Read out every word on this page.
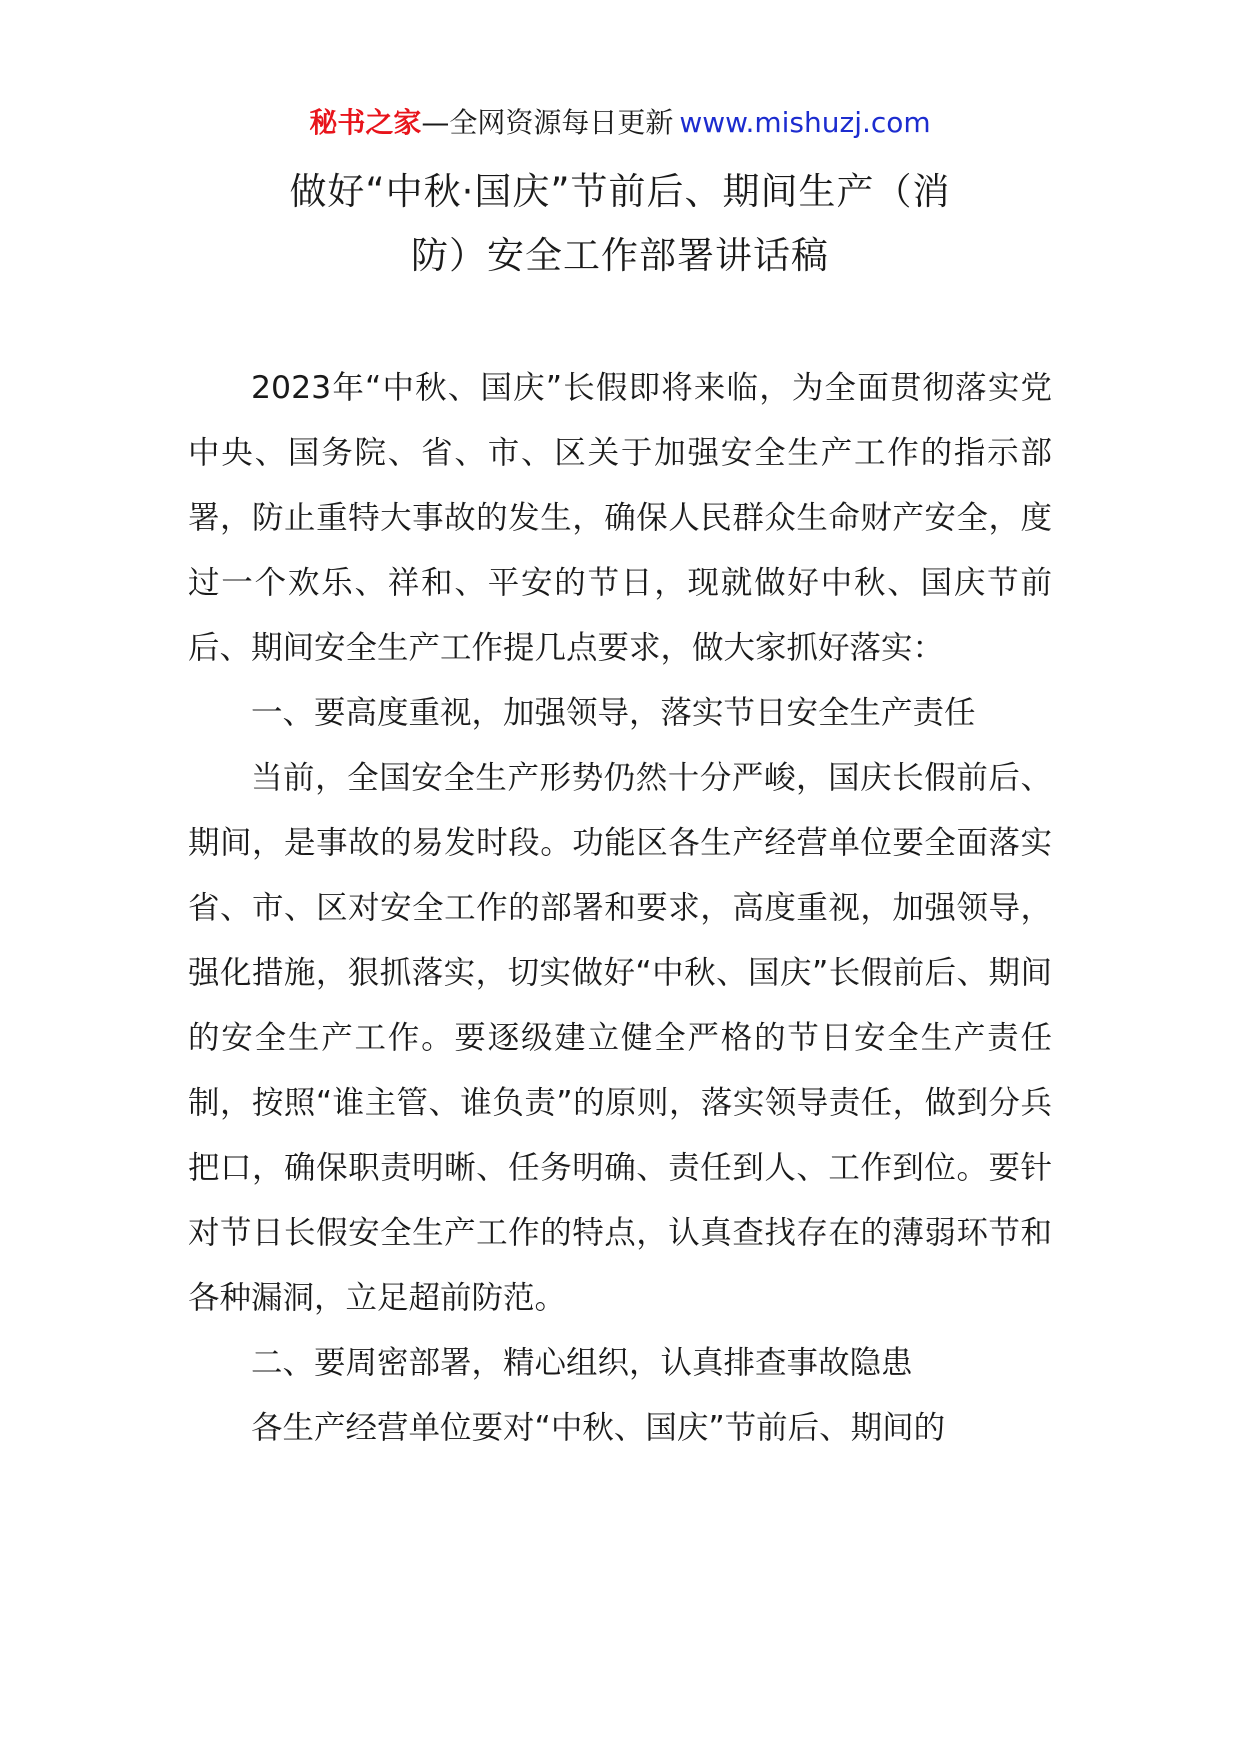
秘书之家—全网资源每日更新 www.mishuzj.com
做好“中秋·国庆”节前后、期间生产（消
防）安全工作部署讲话稿

2023年“中秋、国庆”长假即将来临，为全面贯彻落实党中央、国务院、省、市、区关于加强安全生产工作的指示部署，防止重特大事故的发生，确保人民群众生命财产安全，度过一个欢乐、祥和、平安的节日，现就做好中秋、国庆节前后、期间安全生产工作提几点要求，做大家抓好落实：

一、要高度重视，加强领导，落实节日安全生产责任

当前，全国安全生产形势仍然十分严峻，国庆长假前后、期间，是事故的易发时段。功能区各生产经营单位要全面落实省、市、区对安全工作的部署和要求，高度重视，加强领导，强化措施，狠抓落实，切实做好“中秋、国庆”长假前后、期间的安全生产工作。要逐级建立健全严格的节日安全生产责任制，按照“谁主管、谁负责”的原则，落实领导责任，做到分兵把口，确保职责明晰、任务明确、责任到人、工作到位。要针对节日长假安全生产工作的特点，认真查找存在的薄弱环节和各种漏洞，立足超前防范。

二、要周密部署，精心组织，认真排查事故隐患

各生产经营单位要对“中秋、国庆”节前后、期间的
